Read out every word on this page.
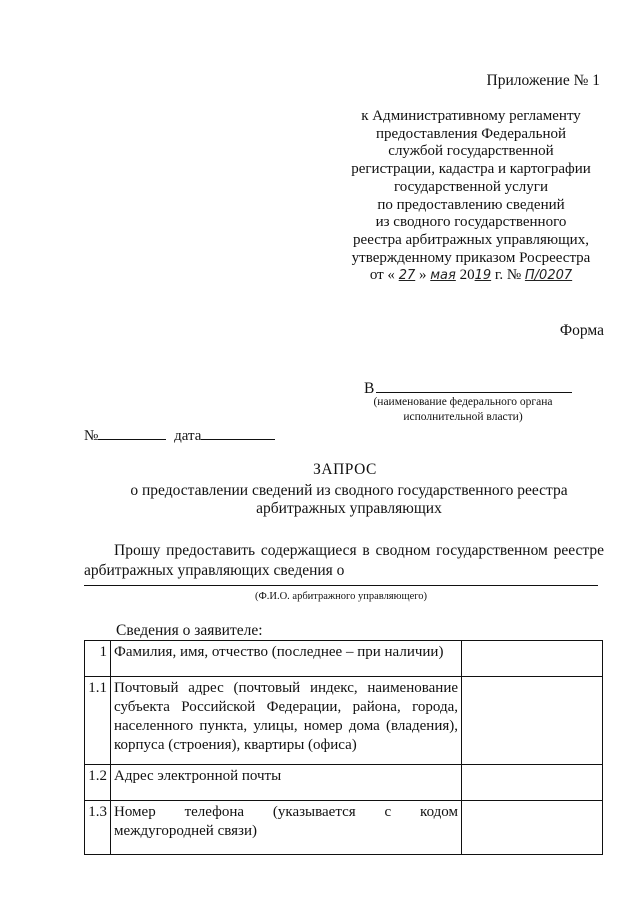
Приложение № 1
к Административному регламенту
предоставления Федеральной
службой государственной
регистрации, кадастра и картографии
государственной услуги
по предоставлению сведений
из сводного государственного
реестра арбитражных управляющих,
утвержденному приказом Росреестра
от « 27 » мая 2019 г. № П/0207
Форма
В
(наименование федерального органа
исполнительной власти)
№	дата
ЗАПРОС
о предоставлении сведений из сводного государственного реестра
арбитражных управляющих
Прошу предоставить содержащиеся в сводном государственном реестре арбитражных управляющих сведения о
(Ф.И.О. арбитражного управляющего)
Сведения о заявителе:
1	Фамилия, имя, отчество (последнее – при наличии)	
1.1	Почтовый адрес (почтовый индекс, наименование субъекта Российской Федерации, района, города, населенного пункта, улицы, номер дома (владения), корпуса (строения), квартиры (офиса)	
1.2	Адрес электронной почты	
1.3	Номер телефона (указывается с кодом междугородней связи)	
